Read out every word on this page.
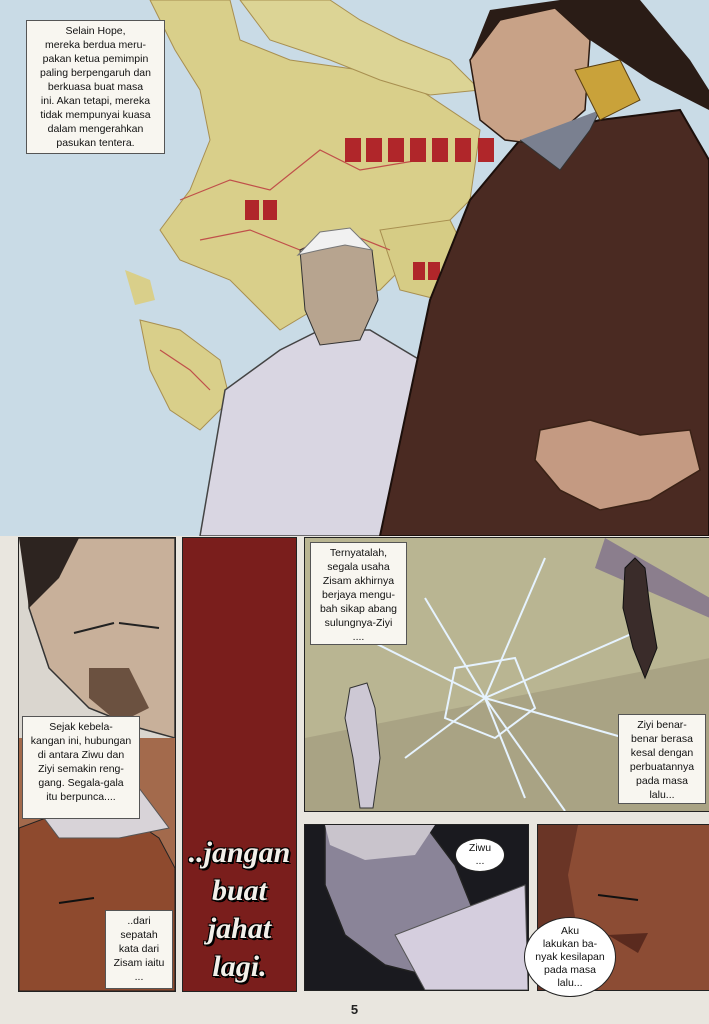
Selain Hope,
mereka berdua meru-
pakan ketua pemimpin
paling berpengaruh dan
berkuasa buat masa
ini. Akan tetapi, mereka
tidak mempunyai kuasa
dalam mengerahkan
pasukan tentera.
Sejak kebela-
kangan ini, hubungan
di antara Ziwu dan
Ziyi semakin reng-
gang. Segala-gala
itu berpunca....
..dari
sepatah
kata dari
Zisam iaitu
...
..jangan
buat
jahat
lagi.
Ternyatalah,
segala usaha
Zisam akhirnya
berjaya mengu-
bah sikap abang
sulungnya-Ziyi
....
Ziyi benar-
benar berasa
kesal dengan
perbuatannya
pada masa
lalu...
Ziwu
...
Aku
lakukan ba-
nyak kesilapan
pada masa
lalu...
5
